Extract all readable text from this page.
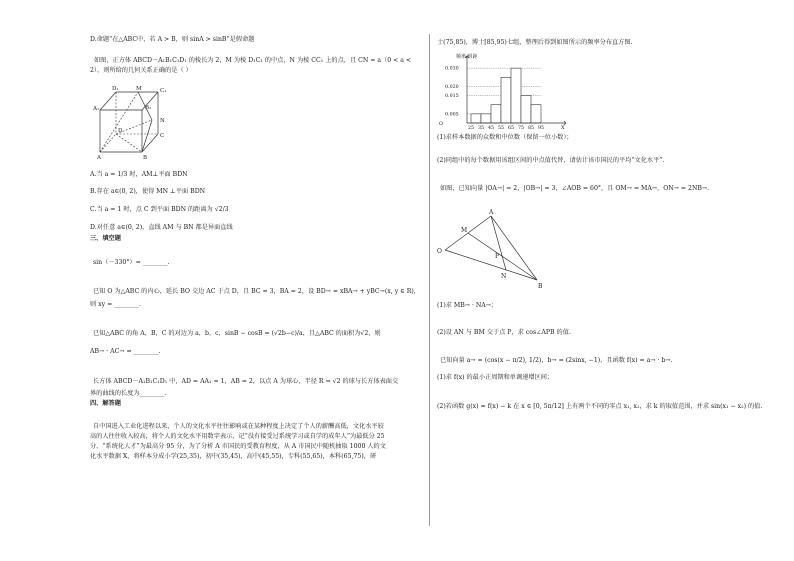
D.命题“在△ABC中，若 A > B，则 sinA > sinB”是假命题
如图，正方体 ABCD－A₁B₁C₁D₁ 的棱长为 2，M 为棱 D₁C₁ 的中点，N 为棱 CC₁ 上的点，且 CN = a（0 < a <
2），则所给的几何关系正确的是（ ）
D₁	M	C₁
A₁	B₁
N
D
C
A	B
A.当 a = 1/3 时，AM⊥平面 BDN
B.存在 a∈(0, 2)，使得 MN ⊥平面 BDN
C.当 a = 1 时，点 C 到平面 BDN 的距离为 √2/3
D.对任意 a∈(0, 2)，直线 AM 与 BN 都是异面直线
三、填空题
sin（－330°）= ________.
已知 O 为△ABC 的内心，延长 BO 交边 AC 于点 D，且 BC = 3，BA = 2，设 BD→ = xBA→ + yBC→(x, y ∈ R)，
则 xy = ________.
已知△ABC 的角 A，B，C 的对边为 a，b，c，sinB − cosB = (√2b−c)/a，且△ABC 的面积为√2，则
AB→ · AC→ = ________.
长方体 ABCD－A₁B₁C₁D₁ 中，AD = AA₁ = 1，AB = 2，以点 A 为球心，半径 R = √2 的球与长方体表面交
界的曲线的长度为________.
四、解答题
自中国进入工业化进程以来，个人的文化水平往往影响或在某种程度上决定了个人的薪酬高低，文化水平较
高的人往往收入较高，将个人的文化水平用数字表示，记“没有接受过系统学习或自学的成年人”为最低分 25
分，“系统化人才”为最高分 95 分，为了分析 A 市国民的受教育程度，从 A 市国民中随机抽取 1000 人的文
化水平数据 X，将样本分成小学(25,35)，初中(35,45)，高中(45,55)，专科(55,65)，本科(65,75)，研
士(75,85)，博士[85,95)七组，整理后得到如图所示的频率分布直方图.
频率/组距
O
X
0.030
0.020
0.015
0.005
25 35 45 55 65 75 85 95
(1)求样本数据的众数和中位数（保留一位小数）；
(2)同组中的每个数据用该组区间的中点值代替，请估计该市国民的平均“文化水平”.
如图，已知向量 |OA→| = 2，|OB→| = 3，∠AOB = 60°，且 OM→ = MA→，ON→ = 2NB→.
A
M
O
P
N
B
(1)求 MB→ · NA→；
(2)设 AN 与 BM 交于点 P，求 cos∠APB 的值.
已知向量 a→ = (cos(x − π/2), 1/2)，b→ = (2sinx, −1)，且函数 f(x) = a→ · b→.
(1)求 f(x) 的最小正周期和单调递增区间；
(2)若函数 g(x) = f(x) − k 在 x ∈ [0, 5π/12] 上有两个不同的零点 x₁, x₂，求 k 的取值范围，并求 sin(x₁ − x₂) 的值.
